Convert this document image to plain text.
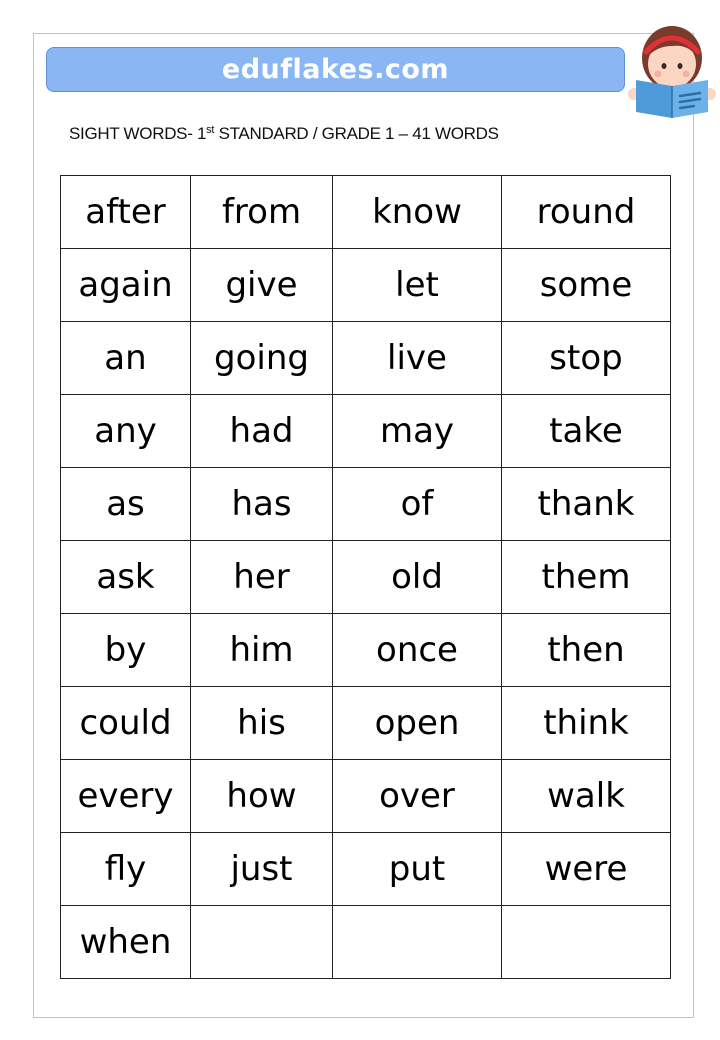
eduflakes.com
SIGHT WORDS- 1st STANDARD / GRADE 1 – 41 WORDS
after	from	know	round
again	give	let	some
an	going	live	stop
any	had	may	take
as	has	of	thank
ask	her	old	them
by	him	once	then
could	his	open	think
every	how	over	walk
fly	just	put	were
when			
